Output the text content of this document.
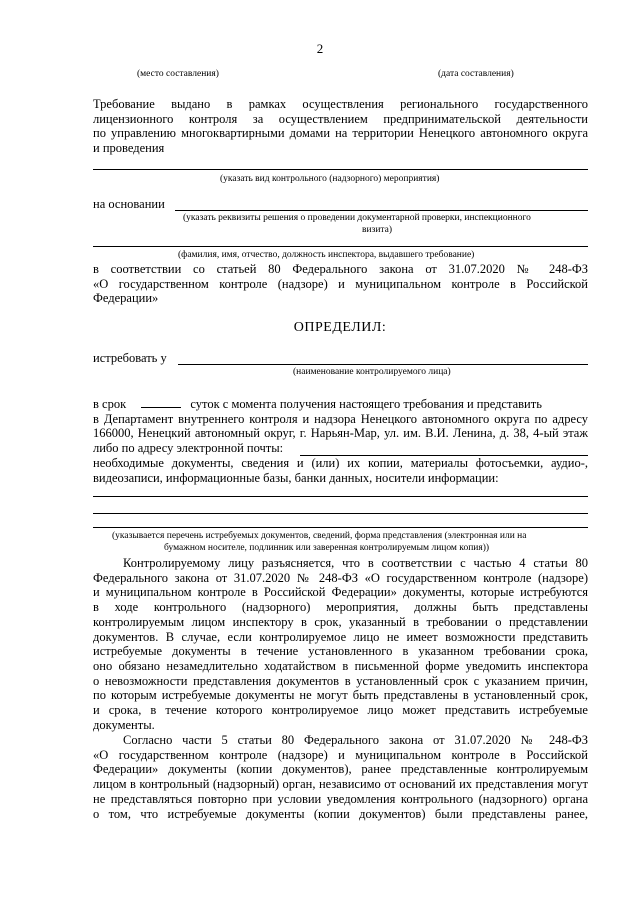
2
(место составления)	(дата составления)
Требование выдано в рамках осуществления регионального государственного
лицензионного контроля за осуществлением предпринимательской деятельности
по управлению многоквартирными домами на территории Ненецкого автономного округа
и проведения
(указать вид контрольного (надзорного) мероприятия)
на основании
(указать реквизиты решения о проведении документарной проверки, инспекционного
визита)
(фамилия, имя, отчество, должность инспектора, выдавшего требование)
в соответствии со статьей 80 Федерального закона от 31.07.2020 № 248-ФЗ
«О государственном контроле (надзоре) и муниципальном контроле в Российской
Федерации»
ОПРЕДЕЛИЛ:
истребовать у
(наименование контролируемого лица)
в срок	суток с момента получения настоящего требования и представить
в Департамент внутреннего контроля и надзора Ненецкого автономного округа по адресу
166000, Ненецкий автономный округ, г. Нарьян-Мар, ул. им. В.И. Ленина, д. 38, 4-ый этаж
либо по адресу электронной почты:
необходимые документы, сведения и (или) их копии, материалы фотосъемки, аудио-,
видеозаписи, информационные базы, банки данных, носители информации:
(указывается перечень истребуемых документов, сведений, форма представления (электронная или на
бумажном носителе, подлинник или заверенная контролируемым лицом копия))
Контролируемому лицу разъясняется, что в соответствии с частью 4 статьи 80
Федерального закона от 31.07.2020 № 248-ФЗ «О государственном контроле (надзоре)
и муниципальном контроле в Российской Федерации» документы, которые истребуются
в ходе контрольного (надзорного) мероприятия, должны быть представлены
контролируемым лицом инспектору в срок, указанный в требовании о представлении
документов. В случае, если контролируемое лицо не имеет возможности представить
истребуемые документы в течение установленного в указанном требовании срока,
оно обязано незамедлительно ходатайством в письменной форме уведомить инспектора
о невозможности представления документов в установленный срок с указанием причин,
по которым истребуемые документы не могут быть представлены в установленный срок,
и срока, в течение которого контролируемое лицо может представить истребуемые
документы.
Согласно части 5 статьи 80 Федерального закона от 31.07.2020 № 248-ФЗ
«О государственном контроле (надзоре) и муниципальном контроле в Российской
Федерации» документы (копии документов), ранее представленные контролируемым
лицом в контрольный (надзорный) орган, независимо от оснований их представления могут
не представляться повторно при условии уведомления контрольного (надзорного) органа
о том, что истребуемые документы (копии документов) были представлены ранее,
